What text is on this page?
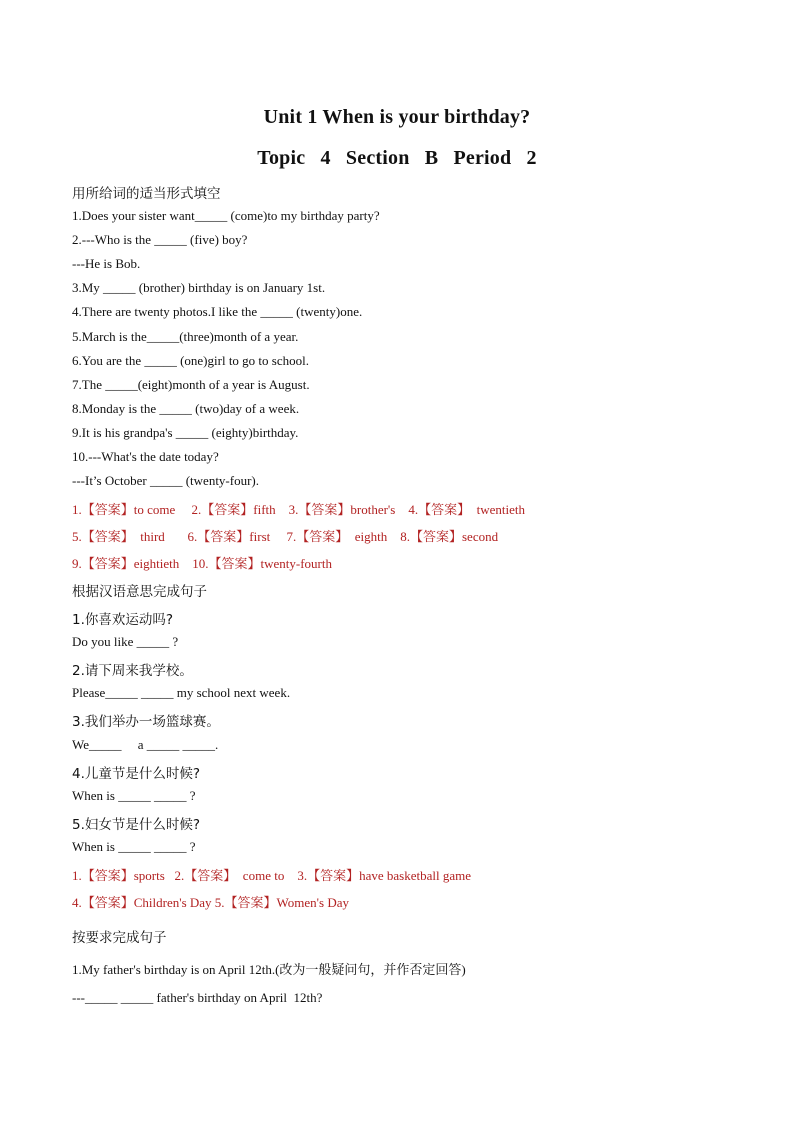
Unit 1 When is your birthday?
Topic 4 Section B Period 2
用所给词的适当形式填空
1.Does your sister want_____ (come)to my birthday party?
2.---Who is the _____ (five) boy?
---He is Bob.
3.My _____ (brother) birthday is on January 1st.
4.There are twenty photos.I like the _____ (twenty)one.
5.March is the_____(three)month of a year.
6.You are the _____ (one)girl to go to school.
7.The _____(eight)month of a year is August.
8.Monday is the _____ (two)day of a week.
9.It is his grandpa's _____ (eighty)birthday.
10.---What's the date today?
---It’s October _____ (twenty-four).
1.【答案】to come     2.【答案】fifth    3.【答案】brother's    4.【答案】  twentieth
5.【答案】  third       6.【答案】first     7.【答案】  eighth    8.【答案】second
9.【答案】eightieth    10.【答案】twenty-fourth
根据汉语意思完成句子
1.你喜欢运动吗?
Do you like _____ ?
2.请下周来我学校。
Please_____ _____ my school next week.
3.我们举办一场篮球赛。
We_____     a _____ _____.
4.儿童节是什么时候?
When is _____ _____ ?
5.妇女节是什么时候?
When is _____ _____ ?
1.【答案】sports   2.【答案】  come to    3.【答案】have basketball game
4.【答案】Children's Day 5.【答案】Women's Day
按要求完成句子
1.My father's birthday is on April 12th.(改为一般疑问句，并作否定回答)
---_____ _____ father's birthday on April  12th?
